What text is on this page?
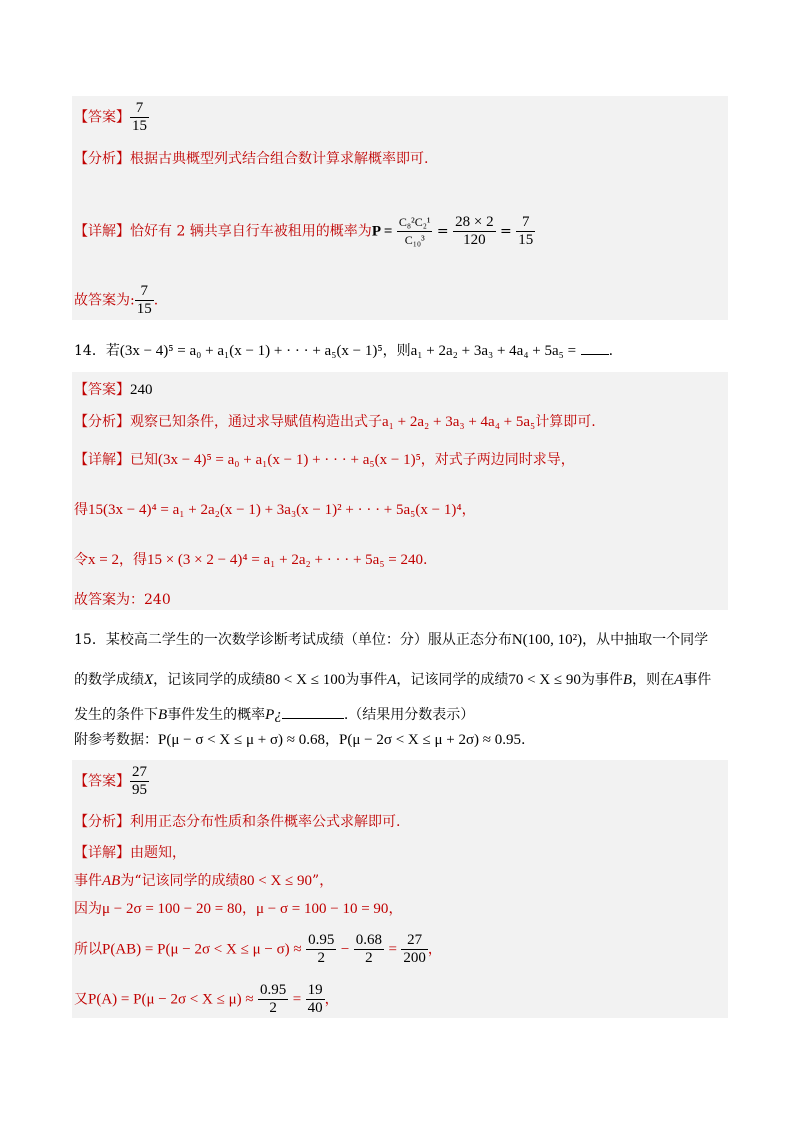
【答案】 $\frac{7}{15}$
【分析】根据古典概型列式结合组合数计算求解概率即可.
【详解】恰好有 2 辆共享自行车被租用的概率为$P = \frac{\text{C₈²C₂¹}}{\text{C₁₀³}} = \frac{28 \times 2}{120} = \frac{7}{15}$
故答案为: $\frac{7}{15}$ .
14．若(3x − 4)⁵ = a₀ + a₁(x − 1) + · · · + a₅(x − 1)⁵，则a₁ + 2a₂ + 3a₃ + 4a₄ + 5a₅ = .
【答案】240
【分析】观察已知条件，通过求导赋值构造出式子a₁ + 2a₂ + 3a₃ + 4a₄ + 5a₅计算即可.
【详解】已知(3x − 4)⁵ = a₀ + a₁(x − 1) + · · · + a₅(x − 1)⁵，对式子两边同时求导，
得15(3x − 4)⁴ = a₁ + 2a₂(x − 1) + 3a₃(x − 1)² + · · · + 5a₅(x − 1)⁴，
令x = 2，得15 × (3 × 2 − 4)⁴ = a₁ + 2a₂ + · · · + 5a₅ = 240.
故答案为：240
15．某校高二学生的一次数学诊断考试成绩（单位：分）服从正态分布N(100, 10²)，从中抽取一个同学
的数学成绩X，记该同学的成绩80 < X ≤ 100为事件A，记该同学的成绩70 < X ≤ 90为事件B，则在A事件
发生的条件下B事件发生的概率P¿	.（结果用分数表示）
附参考数据：P(μ − σ < X ≤ μ + σ) ≈ 0.68，P(μ − 2σ < X ≤ μ + 2σ) ≈ 0.95.
【答案】 $\frac{27}{95}$
【分析】利用正态分布性质和条件概率公式求解即可.
【详解】由题知，
事件AB为“记该同学的成绩80 < X ≤ 90”，
因为μ − 2σ = 100 − 20 = 80，μ − σ = 100 − 10 = 90，
所以$P(AB) = P(\mu - 2\sigma < X \le \mu - \sigma) \approx \frac{0.95}{2} - \frac{0.68}{2} = \frac{27}{200}$ ，
又$P(A) = P(\mu - 2\sigma < X \le \mu) \approx \frac{0.95}{2} = \frac{19}{40}$ ，
